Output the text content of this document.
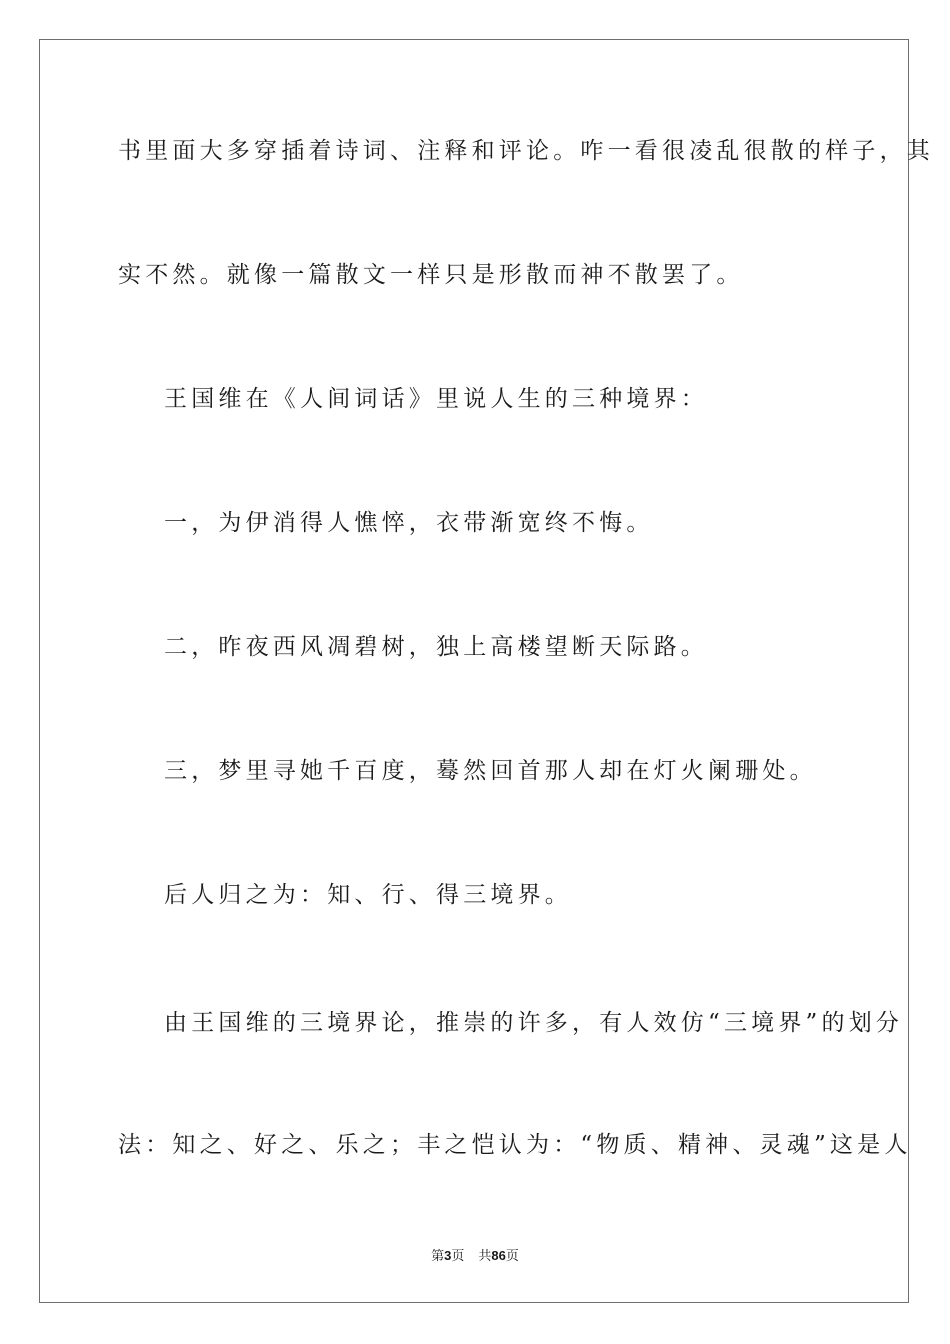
书里面大多穿插着诗词、注释和评论。咋一看很凌乱很散的样子，其
实不然。就像一篇散文一样只是形散而神不散罢了。
王国维在《人间词话》里说人生的三种境界：
一，为伊消得人憔悴，衣带渐宽终不悔。
二，昨夜西风凋碧树，独上高楼望断天际路。
三，梦里寻她千百度，蓦然回首那人却在灯火阑珊处。
后人归之为：知、行、得三境界。
由王国维的三境界论，推崇的许多，有人效仿“三境界”的划分
法：知之、好之、乐之；丰之恺认为：“物质、精神、灵魂”这是人
第3页 共86页
